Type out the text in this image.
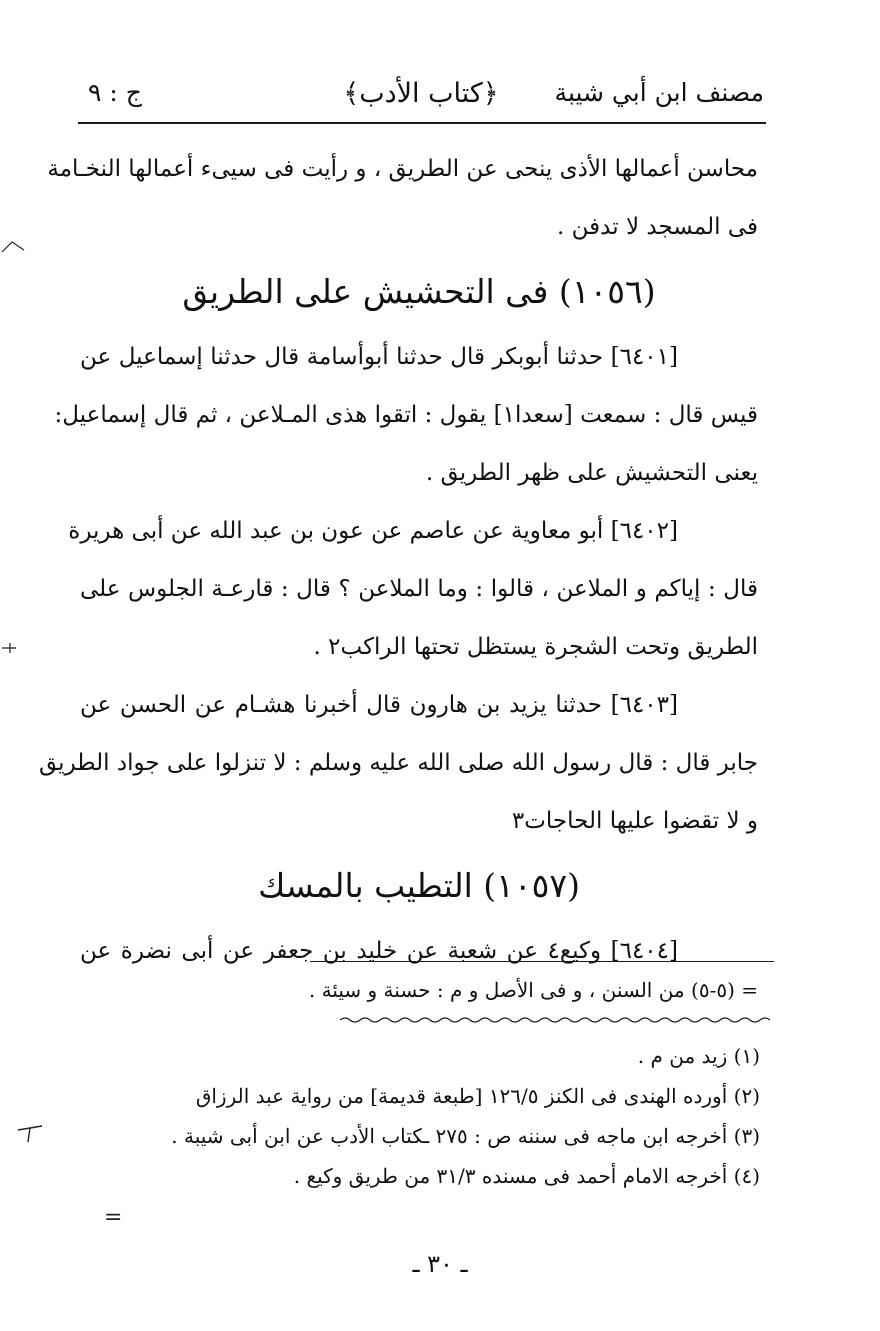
مصنف ابن أبي شيبة
﴿كتاب الأدب﴾
ج : ٩
محاسن أعمالها الأذى ينحى عن الطريق ، و رأيت فى سيىء أعمالها النخـامة
فى المسجد لا تدفن .
(١٠٥٦) فى التحشيش على الطريق
[٦٤٠١] حدثنا أبوبكر قال حدثنا أبوأسامة قال حدثنا إسماعيل عن
قيس قال : سمعت [سعدا١] يقول : اتقوا هذى المـلاعن ، ثم قال إسماعيل:
يعنى التحشيش على ظهر الطريق .
[٦٤٠٢] أبو معاوية عن عاصم عن عون بن عبد الله عن أبى هريرة
قال : إياكم و الملاعن ، قالوا : وما الملاعن ؟ قال : قارعـة الجلوس على
الطريق وتحت الشجرة يستظل تحتها الراكب٢ .
[٦٤٠٣] حدثنا يزيد بن هارون قال أخبرنا هشـام عن الحسن عن
جابر قال : قال رسول الله صلى الله عليه وسلم : لا تنزلوا على جواد الطريق
و لا تقضوا عليها الحاجات٣
(١٠٥٧) التطيب بالمسك
[٦٤٠٤] وكيع٤ عن شعبة عن خليد بن جعفر عن أبى نضرة عن
= (٥-٥) من السنن ، و فى الأصل و م : حسنة و سيئة .
(١) زيد من م .
(٢) أورده الهندى فى الكنز ١٢٦/٥ [طبعة قديمة] من رواية عبد الرزاق
(٣) أخرجه ابن ماجه فى سننه ص : ٢٧٥ ـكتاب الأدب عن ابن أبى شيبة .
(٤) أخرجه الامام أحمد فى مسنده ٣١/٣ من طريق وكيع .
=
ـ ٣٠ ـ
